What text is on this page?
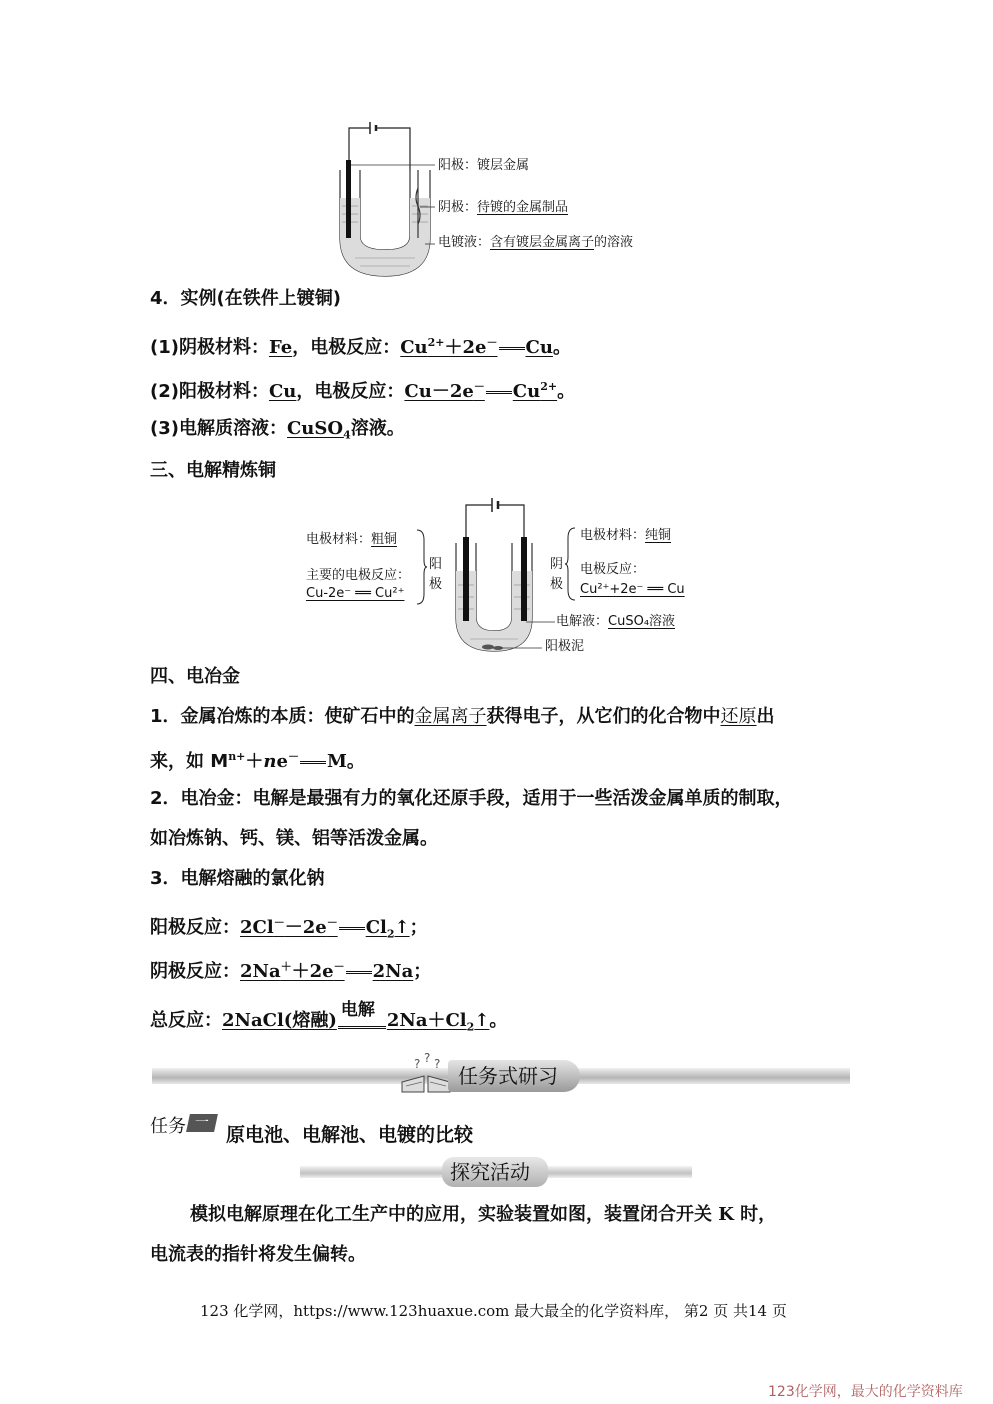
阳极：镀层金属
阴极：待镀的金属制品
电镀液：含有镀层金属离子的溶液
4．实例(在铁件上镀铜)
(1)阴极材料：Fe，电极反应：$Cu^{2+}+2e^-$ Cu。
(2)阳极材料：Cu，电极反应：Cu－2e－ $Cu^{2+}$。
(3)电解质溶液：CuSO$_4$溶液。
三、电解精炼铜
电极材料：粗铜
主要的电极反应：
Cu-2e⁻ ══ Cu²⁺
阳
极
阴
极
电极材料：纯铜
电极反应：
Cu²⁺+2e⁻ ══ Cu
电解液：CuSO₄溶液
阳极泥
四、电冶金
1．金属冶炼的本质：使矿石中的金属离子获得电子，从它们的化合物中还原出
来，如 $M^{n+}+ne^-$ M。
2．电冶金：电解是最强有力的氧化还原手段，适用于一些活泼金属单质的制取，
如冶炼钠、钙、镁、铝等活泼金属。
3．电解熔融的氯化钠
阳极反应：2Cl－－2e－ $Cl_2↑$；
阴极反应：2Na＋＋2e－ 2Na；
总反应：2NaCl(熔融)
电解
$2Na+Cl_2↑$。
? ? ? 任务式研习
任务 一
原电池、电解池、电镀的比较
探究活动
模拟电解原理在化工生产中的应用，实验装置如图，装置闭合开关 K 时，
电流表的指针将发生偏转。
123 化学网，https://www.123huaxue.com 最大最全的化学资料库， 第2 页 共14 页
123化学网，最大的化学资料库
